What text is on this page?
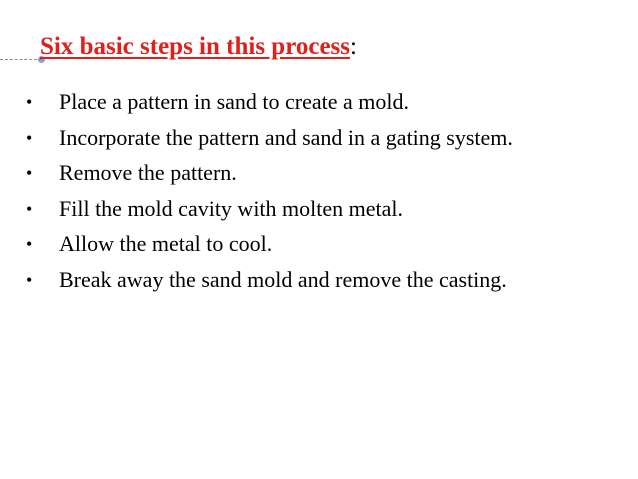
Six basic steps in this process:
• Place a pattern in sand to create a mold.
• Incorporate the pattern and sand in a gating system.
• Remove the pattern.
• Fill the mold cavity with molten metal.
• Allow the metal to cool.
• Break away the sand mold and remove the casting.
